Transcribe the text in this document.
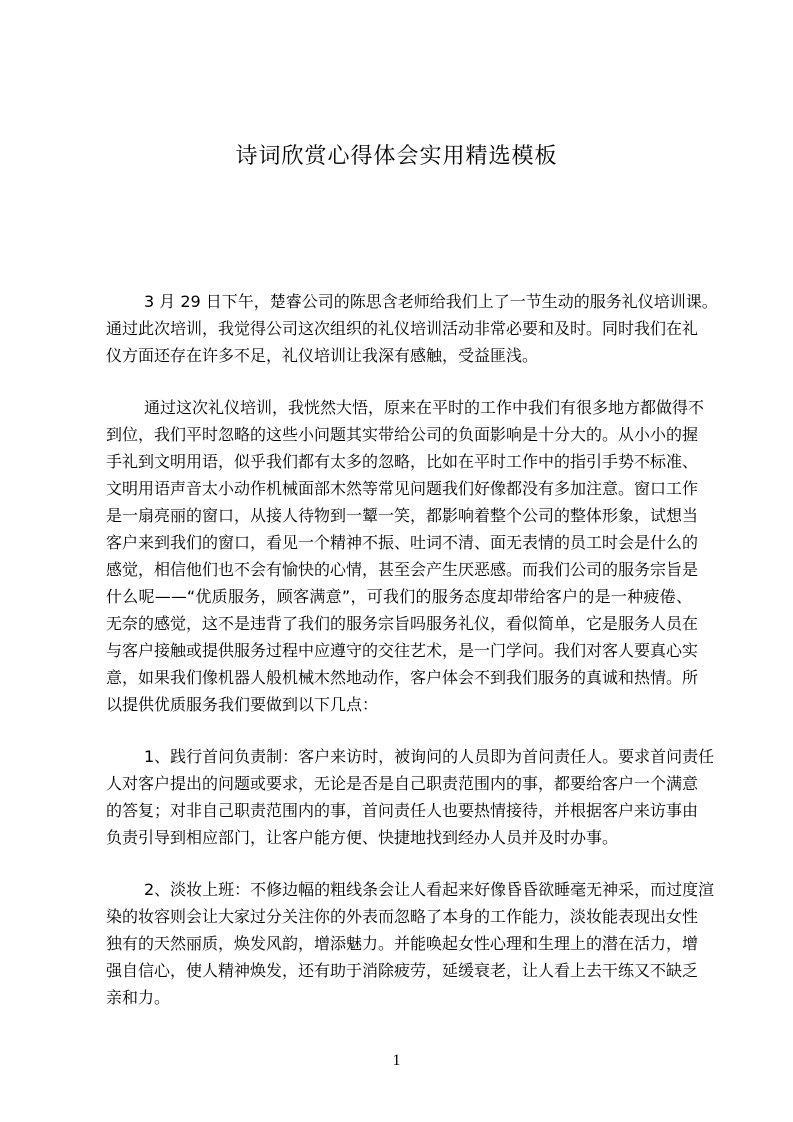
诗词欣赏心得体会实用精选模板
3 月 29 日下午，楚睿公司的陈思含老师给我们上了一节生动的服务礼仪培训课。
通过此次培训，我觉得公司这次组织的礼仪培训活动非常必要和及时。同时我们在礼
仪方面还存在许多不足，礼仪培训让我深有感触，受益匪浅。
通过这次礼仪培训，我恍然大悟，原来在平时的工作中我们有很多地方都做得不
到位，我们平时忽略的这些小问题其实带给公司的负面影响是十分大的。从小小的握
手礼到文明用语，似乎我们都有太多的忽略，比如在平时工作中的指引手势不标准、
文明用语声音太小动作机械面部木然等常见问题我们好像都没有多加注意。窗口工作
是一扇亮丽的窗口，从接人待物到一颦一笑，都影响着整个公司的整体形象，试想当
客户来到我们的窗口，看见一个精神不振、吐词不清、面无表情的员工时会是什么的
感觉，相信他们也不会有愉快的心情，甚至会产生厌恶感。而我们公司的服务宗旨是
什么呢——“优质服务，顾客满意”，可我们的服务态度却带给客户的是一种疲倦、
无奈的感觉，这不是违背了我们的服务宗旨吗服务礼仪，看似简单，它是服务人员在
与客户接触或提供服务过程中应遵守的交往艺术，是一门学问。我们对客人要真心实
意，如果我们像机器人般机械木然地动作，客户体会不到我们服务的真诚和热情。所
以提供优质服务我们要做到以下几点：
1、践行首问负责制：客户来访时，被询问的人员即为首问责任人。要求首问责任
人对客户提出的问题或要求，无论是否是自己职责范围内的事，都要给客户一个满意
的答复；对非自己职责范围内的事，首问责任人也要热情接待，并根据客户来访事由
负责引导到相应部门，让客户能方便、快捷地找到经办人员并及时办事。
2、淡妆上班：不修边幅的粗线条会让人看起来好像昏昏欲睡毫无神采，而过度渲
染的妆容则会让大家过分关注你的外表而忽略了本身的工作能力，淡妆能表现出女性
独有的天然丽质，焕发风韵，增添魅力。并能唤起女性心理和生理上的潜在活力，增
强自信心，使人精神焕发，还有助于消除疲劳，延缓衰老，让人看上去干练又不缺乏
亲和力。
1
